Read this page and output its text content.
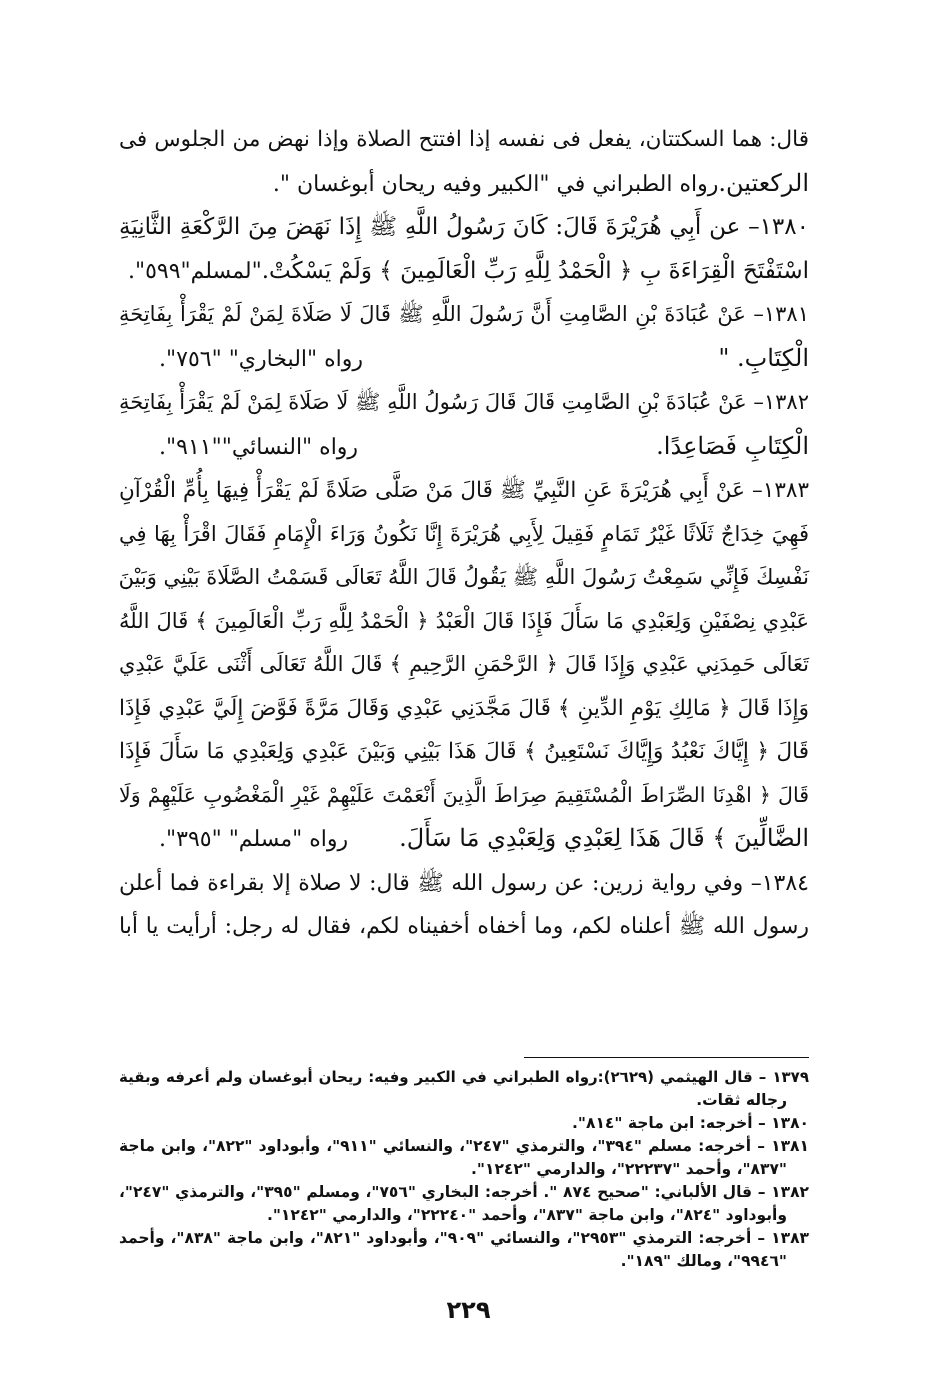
قال: هما السكتتان، يفعل فى نفسه إذا افتتح الصلاة وإذا نهض من الجلوس فى
الركعتين.
رواه الطبراني في "الكبير وفيه ريحان أبوغسان ".
١٣٨٠– عن أَبِي هُرَيْرَةَ قَالَ: كَانَ رَسُولُ اللَّهِ ﷺ إِذَا نَهَضَ مِنَ الرَّكْعَةِ الثَّانِيَةِ
اسْتَفْتَحَ الْقِرَاءَةَ بِ ﴿ الْحَمْدُ لِلَّهِ رَبِّ الْعَالَمِينَ ﴾ وَلَمْ يَسْكُتْ.
"لمسلم"٥٩٩".
١٣٨١– عَنْ عُبَادَةَ بْنِ الصَّامِتِ أَنَّ رَسُولَ اللَّهِ ﷺ قَالَ لَا صَلَاةَ لِمَنْ لَمْ يَقْرَأْ بِفَاتِحَةِ
الْكِتَابِ. "
رواه "البخاري" "٧٥٦".
١٣٨٢– عَنْ عُبَادَةَ بْنِ الصَّامِتِ قَالَ قَالَ رَسُولُ اللَّهِ ﷺ لَا صَلَاةَ لِمَنْ لَمْ يَقْرَأْ بِفَاتِحَةِ
الْكِتَابِ فَصَاعِدًا.
رواه "النسائي""٩١١".
١٣٨٣– عَنْ أَبِي هُرَيْرَةَ عَنِ النَّبِيِّ ﷺ قَالَ مَنْ صَلَّى صَلَاةً لَمْ يَقْرَأْ فِيهَا بِأُمِّ الْقُرْآنِ
فَهِيَ خِدَاجٌ ثَلَاثًا غَيْرُ تَمَامٍ فَقِيلَ لِأَبِي هُرَيْرَةَ إِنَّا نَكُونُ وَرَاءَ الْإِمَامِ فَقَالَ اقْرَأْ بِهَا فِي
نَفْسِكَ فَإِنِّي سَمِعْتُ رَسُولَ اللَّهِ ﷺ يَقُولُ قَالَ اللَّهُ تَعَالَى قَسَمْتُ الصَّلَاةَ بَيْنِي وَبَيْنَ
عَبْدِي نِصْفَيْنِ وَلِعَبْدِي مَا سَأَلَ فَإِذَا قَالَ الْعَبْدُ ﴿ الْحَمْدُ لِلَّهِ رَبِّ الْعَالَمِينَ ﴾ قَالَ اللَّهُ
تَعَالَى حَمِدَنِي عَبْدِي وَإِذَا قَالَ ﴿ الرَّحْمَنِ الرَّحِيمِ ﴾ قَالَ اللَّهُ تَعَالَى أَثْنَى عَلَيَّ عَبْدِي
وَإِذَا قَالَ ﴿ مَالِكِ يَوْمِ الدِّينِ ﴾ قَالَ مَجَّدَنِي عَبْدِي وَقَالَ مَرَّةً فَوَّضَ إِلَيَّ عَبْدِي فَإِذَا
قَالَ ﴿ إِيَّاكَ نَعْبُدُ وَإِيَّاكَ نَسْتَعِينُ ﴾ قَالَ هَذَا بَيْنِي وَبَيْنَ عَبْدِي وَلِعَبْدِي مَا سَأَلَ فَإِذَا
قَالَ ﴿ اهْدِنَا الصِّرَاطَ الْمُسْتَقِيمَ صِرَاطَ الَّذِينَ أَنْعَمْتَ عَلَيْهِمْ غَيْرِ الْمَغْضُوبِ عَلَيْهِمْ وَلَا
الضَّالِّينَ ﴾ قَالَ هَذَا لِعَبْدِي وَلِعَبْدِي مَا سَأَلَ.
رواه "مسلم" "٣٩٥".
١٣٨٤– وفي رواية زرين: عن رسول الله ﷺ قال: لا صلاة إلا بقراءة فما أعلن
رسول الله ﷺ أعلناه لكم، وما أخفاه أخفيناه لكم، فقال له رجل: أرأيت يا أبا
١٣٧٩ – قال الهيثمي (٢٦٢٩):رواه الطبراني في الكبير وفيه: ريحان أبوغسان ولم أعرفه وبقية
رجاله ثقات.
١٣٨٠ – أخرجه: ابن ماجة "٨١٤".
١٣٨١ – أخرجه: مسلم "٣٩٤"، والترمذي "٢٤٧"، والنسائي "٩١١"، وأبوداود "٨٢٢"، وابن ماجة
"٨٣٧"، وأحمد "٢٢٢٣٧"، والدارمي "١٢٤٢".
١٣٨٢ – قال الألباني: "صحيح ٨٧٤ ". أخرجه: البخاري "٧٥٦"، ومسلم "٣٩٥"، والترمذي "٢٤٧"،
وأبوداود "٨٢٤"، وابن ماجة "٨٣٧"، وأحمد "٢٢٢٤٠"، والدارمي "١٢٤٢".
١٣٨٣ – أخرجه: الترمذي "٢٩٥٣"، والنسائي "٩٠٩"، وأبوداود "٨٢١"، وابن ماجة "٨٣٨"، وأحمد
"٩٩٤٦"، ومالك "١٨٩".
٢٢٩
